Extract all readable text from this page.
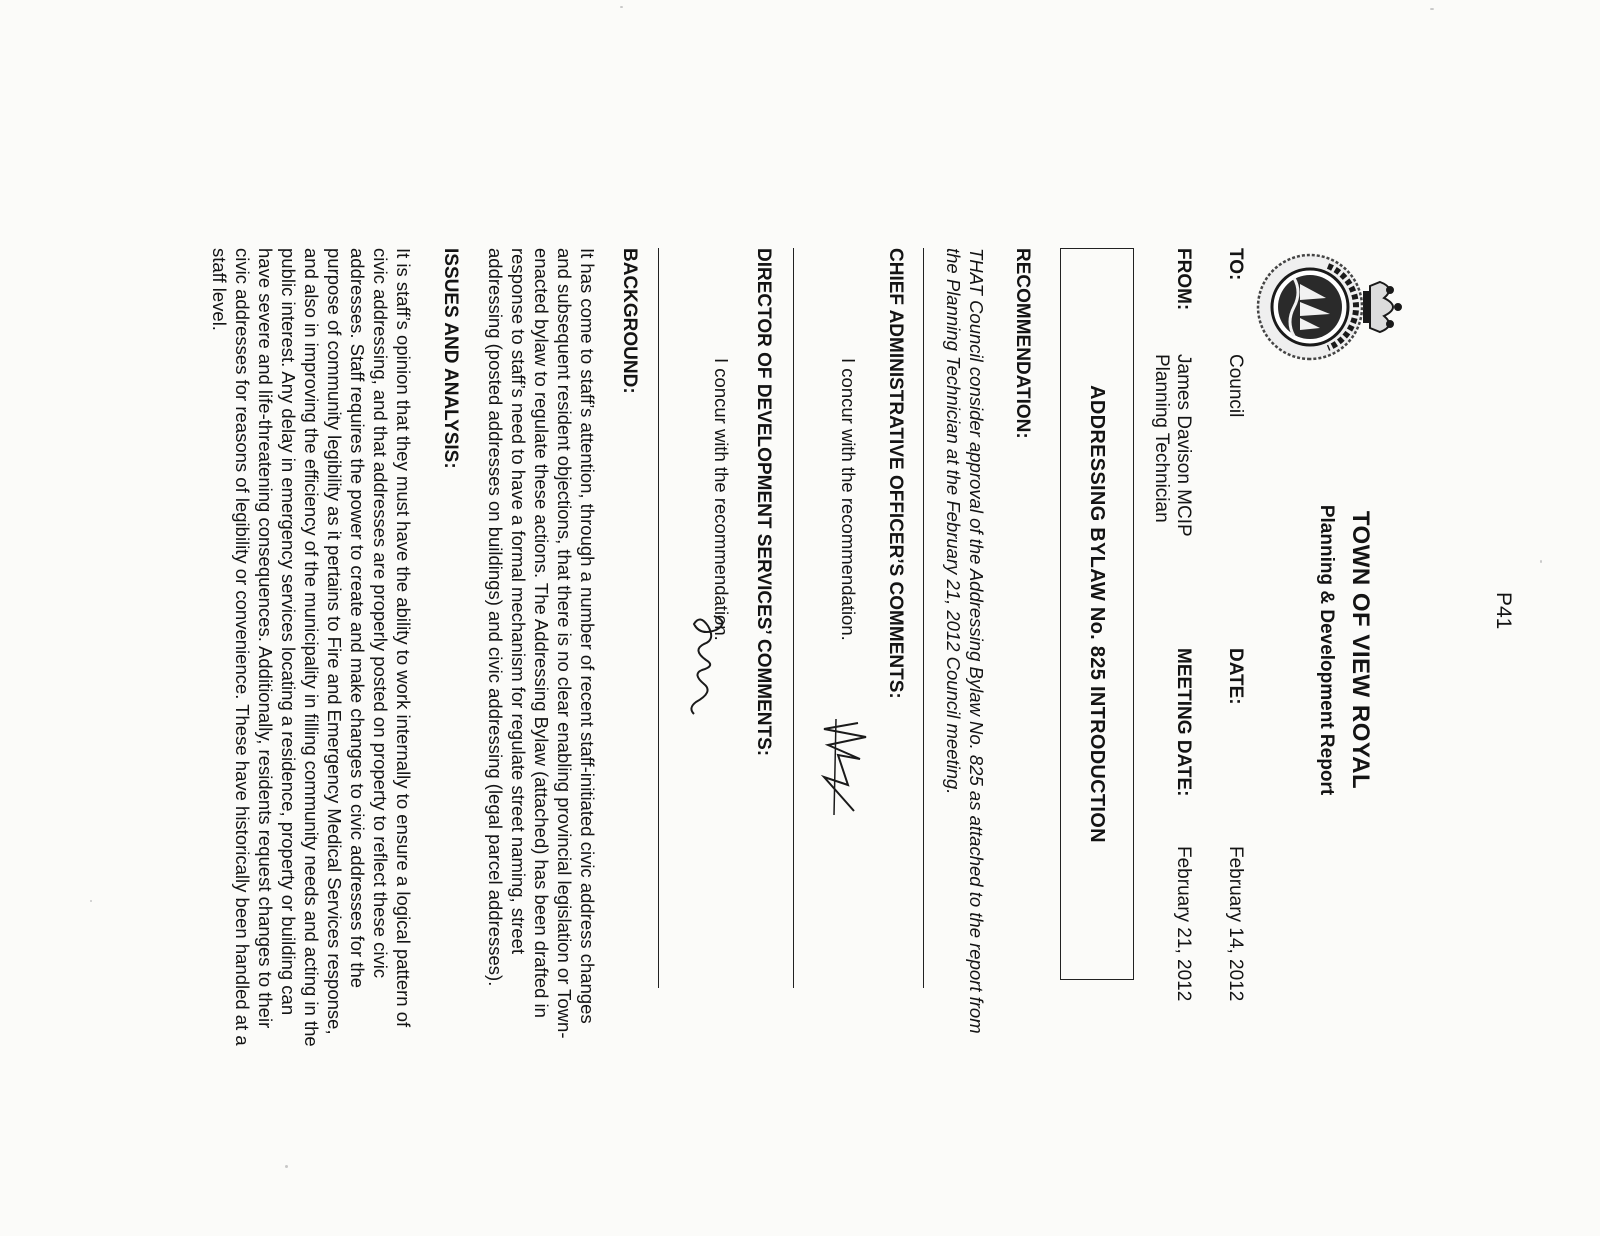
P41
TOWN OF VIEW ROYAL
Planning & Development Report
TO:
Council
FROM:
James Davison MCIP
Planning Technician
DATE:
February 14, 2012
MEETING DATE:
February 21, 2012
ADDRESSING BYLAW No. 825 INTRODUCTION
RECOMMENDATION:
THAT Council consider approval of the Addressing Bylaw No. 825 as attached to the report from
the Planning Technician at the February 21, 2012 Council meeting.
CHIEF ADMINISTRATIVE OFFICER’S COMMENTS:
I concur with the recommendation.
DIRECTOR OF DEVELOPMENT SERVICES’ COMMENTS:
I concur with the recommendation.
BACKGROUND:
It has come to staff’s attention, through a number of recent staff-initiated civic address changes
and subsequent resident objections, that there is no clear enabling provincial legislation or Town-
enacted bylaw to regulate these actions. The Addressing Bylaw (attached) has been drafted in
response to staff’s need to have a formal mechanism for regulate street naming, street
addressing (posted addresses on buildings) and civic addressing (legal parcel addresses).
ISSUES AND ANALYSIS:
It is staff’s opinion that they must have the ability to work internally to ensure a logical pattern of
civic addressing, and that addresses are properly posted on property to reflect these civic
addresses. Staff requires the power to create and make changes to civic addresses for the
purpose of community legibility as it pertains to Fire and Emergency Medical Services response,
and also in improving the efficiency of the municipality in filling community needs and acting in the
public interest. Any delay in emergency services locating a residence, property or building can
have severe and life-threatening consequences. Additionally, residents request changes to their
civic addresses for reasons of legibility or convenience. These have historically been handled at a
staff level.
